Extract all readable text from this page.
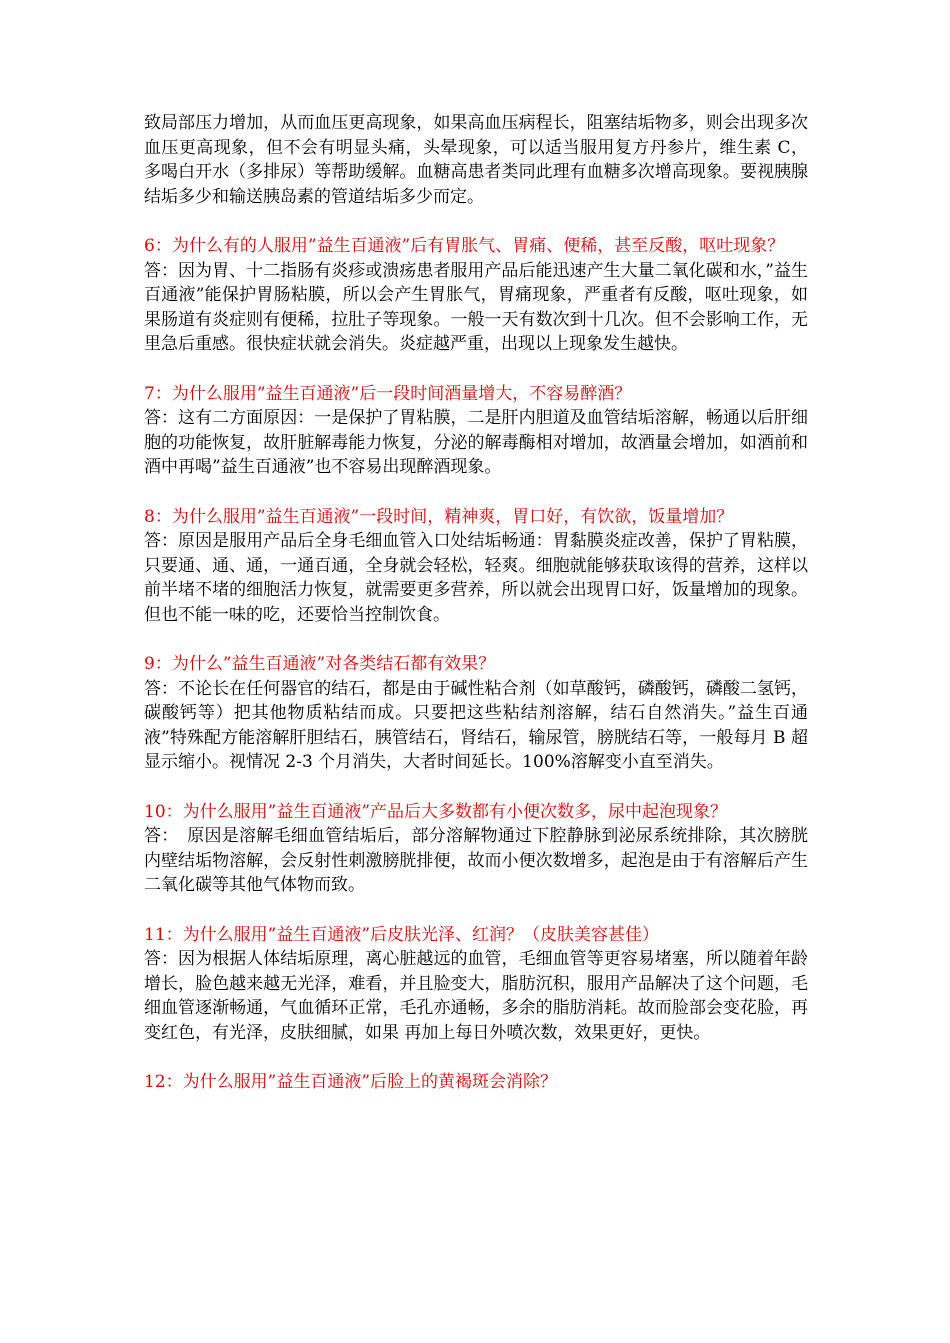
致局部压力增加，从而血压更高现象，如果高血压病程长，阻塞结垢物多，则会出现多次血压更高现象，但不会有明显头痛，头晕现象，可以适当服用复方丹参片，维生素 C，多喝白开水（多排尿）等帮助缓解。血糖高患者类同此理有血糖多次增高现象。要视胰腺结垢多少和输送胰岛素的管道结垢多少而定。

6：为什么有的人服用”益生百通液”后有胃胀气、胃痛、便稀，甚至反酸，呕吐现象？

答：因为胃、十二指肠有炎疹或溃疡患者服用产品后能迅速产生大量二氧化碳和水，”益生百通液”能保护胃肠粘膜，所以会产生胃胀气，胃痛现象，严重者有反酸，呕吐现象，如果肠道有炎症则有便稀，拉肚子等现象。一般一天有数次到十几次。但不会影响工作，无里急后重感。很快症状就会消失。炎症越严重，出现以上现象发生越快。

7：为什么服用”益生百通液”后一段时间酒量增大，不容易醉酒？

答：这有二方面原因：一是保护了胃粘膜，二是肝内胆道及血管结垢溶解，畅通以后肝细胞的功能恢复，故肝脏解毒能力恢复，分泌的解毒酶相对增加，故酒量会增加，如酒前和酒中再喝”益生百通液”也不容易出现醉酒现象。

8：为什么服用”益生百通液”一段时间，精神爽，胃口好，有饮欲，饭量增加？

答：原因是服用产品后全身毛细血管入口处结垢畅通：胃黏膜炎症改善，保护了胃粘膜，只要通、通、通，一通百通，全身就会轻松，轻爽。细胞就能够获取该得的营养，这样以前半堵不堵的细胞活力恢复，就需要更多营养，所以就会出现胃口好，饭量增加的现象。但也不能一味的吃，还要恰当控制饮食。

9：为什么”益生百通液”对各类结石都有效果？

答：不论长在任何器官的结石，都是由于碱性粘合剂（如草酸钙，磷酸钙，磷酸二氢钙，碳酸钙等）把其他物质粘结而成。只要把这些粘结剂溶解，结石自然消失。”益生百通液”特殊配方能溶解肝胆结石，胰管结石，肾结石，输尿管，膀胱结石等，一般每月 B 超显示缩小。视情况 2-3 个月消失，大者时间延长。100%溶解变小直至消失。

10：为什么服用”益生百通液”产品后大多数都有小便次数多，尿中起泡现象？

答：　原因是溶解毛细血管结垢后，部分溶解物通过下腔静脉到泌尿系统排除，其次膀胱内壁结垢物溶解，会反射性刺激膀胱排便，故而小便次数增多，起泡是由于有溶解后产生二氧化碳等其他气体物而致。

11：为什么服用”益生百通液”后皮肤光泽、红润？（皮肤美容甚佳）

答：因为根据人体结垢原理，离心脏越远的血管，毛细血管等更容易堵塞，所以随着年龄增长，脸色越来越无光泽，难看，并且脸变大，脂肪沉积，服用产品解决了这个问题，毛细血管逐渐畅通，气血循环正常，毛孔亦通畅，多余的脂肪消耗。故而脸部会变花脸，再变红色，有光泽，皮肤细腻，如果 再加上每日外喷次数，效果更好，更快。

12：为什么服用”益生百通液”后脸上的黄褐斑会消除？
